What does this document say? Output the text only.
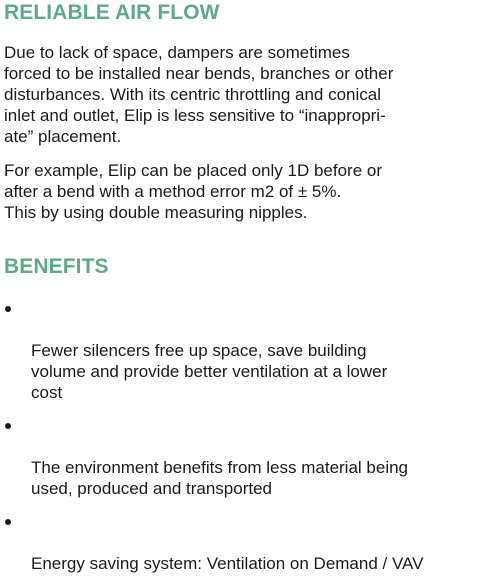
RELIABLE AIR FLOW

Due to lack of space, dampers are sometimes
forced to be installed near bends, branches or other
disturbances. With its centric throttling and conical
inlet and outlet, Elip is less sensitive to “inappropri-
ate” placement.

For example, Elip can be placed only 1D before or
after a bend with a method error m2 of ± 5%.
This by using double measuring nipples.

BENEFITS

Fewer silencers free up space, save building
volume and provide better ventilation at a lower
cost

The environment benefits from less material being
used, produced and transported

Energy saving system: Ventilation on Demand / VAV
